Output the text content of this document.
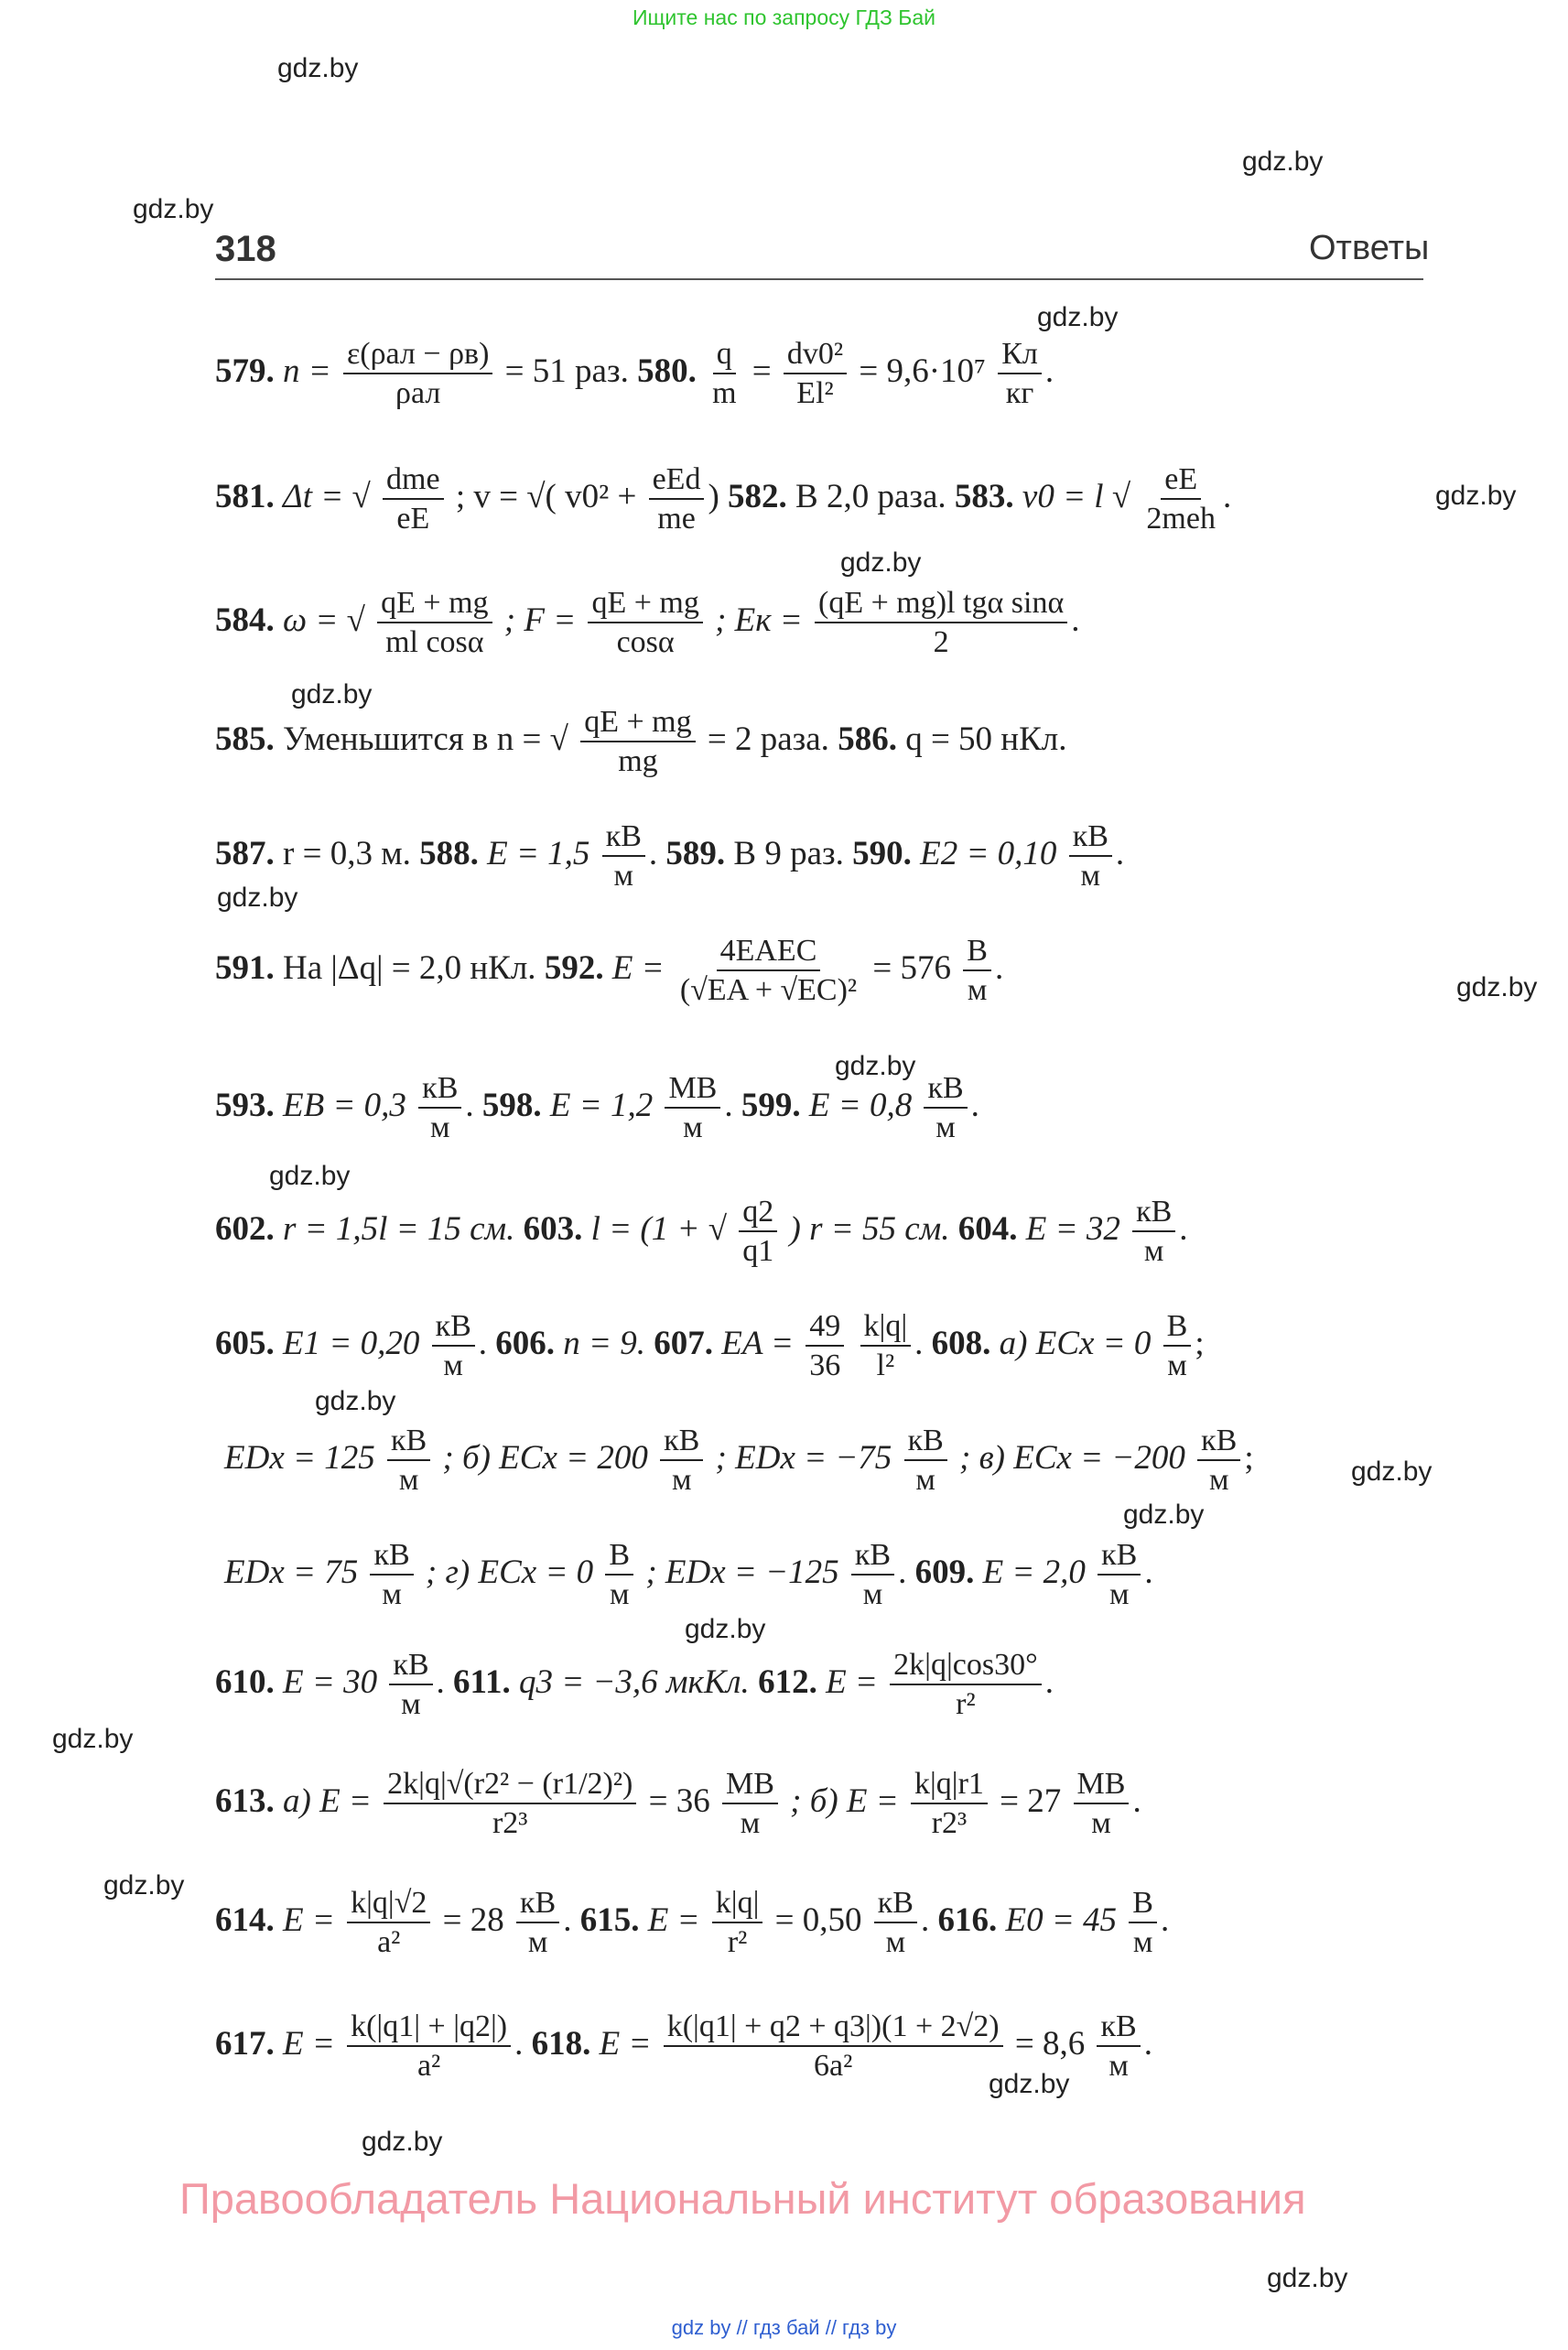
Ищите нас по запросу ГДЗ Бай
gdz.by
gdz.by
gdz.by
gdz.by
gdz.by
gdz.by
gdz.by
gdz.by
gdz.by
gdz.by
gdz.by
gdz.by
gdz.by
gdz.by
gdz.by
gdz.by
gdz.by
gdz.by
gdz.by
gdz.by
318	Ответы
579. $n = \frac{\text{ε(ρал − ρв)}}{\text{ρал}} = 51$ раз. 580. $\frac{q}{m} = \frac{\text{dv0²}}{\text{El²}} = 9,6\cdot 10^7 \frac{Кл}{кг}$ .
581. Δt = √ $\frac{\text{dme}}{eE}$ ; v = √( $v0^2 + \frac{\text{eEd}}{me}$ ) 582. В 2,0 раза. 583. v0 = l √ $\frac{eE}{\text{2meh}}$ .
584. ω = √ $\frac{qE + mg}{\text{ml cosα}}$ ; $F = \frac{qE + mg}{\cos\alpha}$ ; Eк = $\frac{\text{(qE + mg)l tgα sinα}}{2}$ .
585. Уменьшится в n = √ $\frac{qE + mg}{mg} = 2$ раза. 586. q = 50 нКл.
587. r = 0,3 м. 588. $E = 1,5 \frac{кВ}{м}$ . 589. В 9 раз. 590. $E2 = 0,10 \frac{кВ}{м}$ .
591. На |Δq| = 2,0 нКл. 592. $E = \frac{\text{4EAEC}}{\text{(√EA + √EC)²}} = 576 \frac{В}{м}$ .
593. EB = $0,3 \frac{кВ}{м}$ . 598. $E = 1,2 \frac{МВ}{м}$ . 599. $E = 0,8 \frac{кВ}{м}$ .
602. r = 1,5l = 15 см. 603. l = (1 + √ $\frac{q2}{q1}$ ) r = 55 см. 604. $E = 32 \frac{кВ}{м}$ .
605. $E1 = 0,20 \frac{кВ}{м}$ . 606. n = 9. 607. EA = $\frac{49}{36}$
$\frac{k|q|}{\text{l²}}$ . 608. а) ECx = $0 \frac{В}{м}$ ;
EDx = $125 \frac{кВ}{м}$ ; б) ECx = $200 \frac{кВ}{м}$ ; EDx = $-75 \frac{кВ}{м}$ ; в) ECx = $-200 \frac{кВ}{м}$ ;
EDx = $75 \frac{кВ}{м}$ ; г) ECx = $0 \frac{В}{м}$ ; EDx = $-125 \frac{кВ}{м}$ . 609. $E = 2,0 \frac{кВ}{м}$ .
610. $E = 30 \frac{кВ}{м}$ . 611. q3 = −3,6 мкКл. 612. $E = \frac{2k|q|\cos 30^\circ}{\text{r²}}$ .
613. а) $E = \frac{\text{2k|q|√(r2² − (r1/2)²)}}{\text{r2³}} = 36 \frac{МВ}{м}$ ; б) $E = \frac{k|q|r1}{\text{r2³}} = 27 \frac{МВ}{м}$ .
614. $E = \frac{k|q|√2}{\text{a²}} = 28 \frac{кВ}{м}$ . 615. $E = \frac{k|q|}{\text{r²}} = 0,50 \frac{кВ}{м}$ . 616. $E0 = 45 \frac{В}{м}$ .
617. $E = \frac{k(|q1| + |q2|)}{\text{a²}}$ . 618. $E = \frac{k(|q1| + q2 + q3|)(1 + 2√2)}{\text{6a²}} = 8,6 \frac{кВ}{м}$ .
Правообладатель Национальный институт образования
gdz by // гдз бай // гдз by
